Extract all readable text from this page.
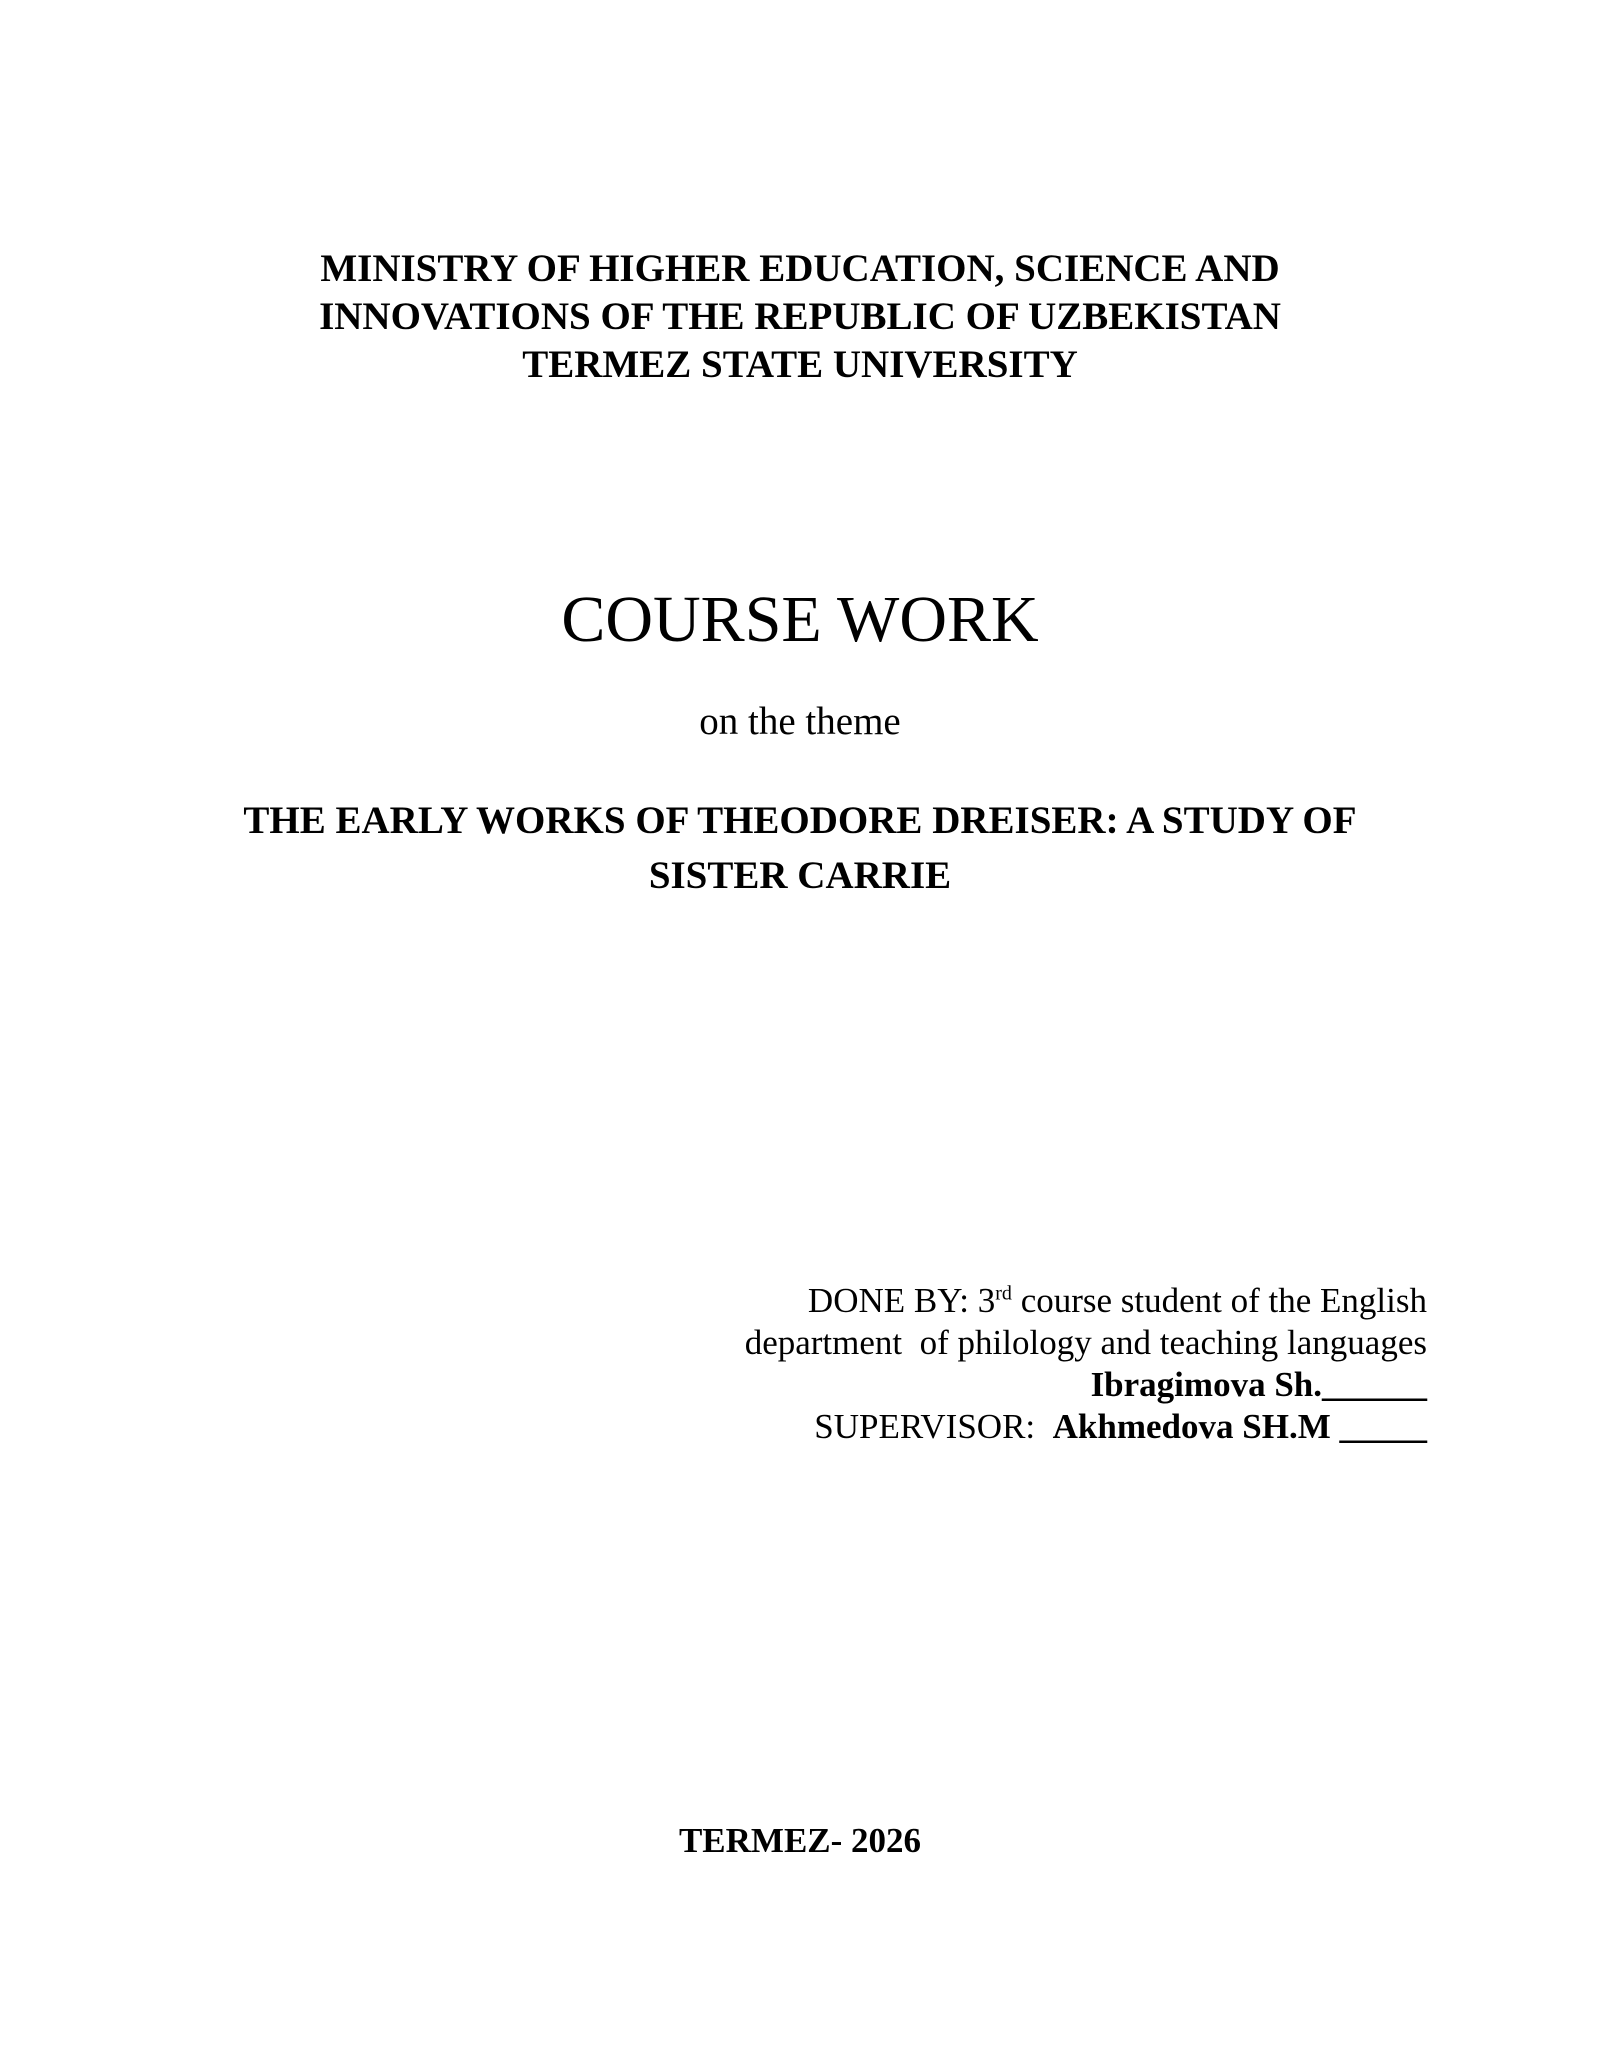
MINISTRY OF HIGHER EDUCATION, SCIENCE AND
INNOVATIONS OF THE REPUBLIC OF UZBEKISTAN
TERMEZ STATE UNIVERSITY
COURSE WORK
on the theme
THE EARLY WORKS OF THEODORE DREISER: A STUDY OF
SISTER CARRIE
DONE BY: 3rd course student of the English
department  of philology and teaching languages
Ibragimova Sh.______
SUPERVISOR:  Akhmedova SH.M _____
TERMEZ- 2026
